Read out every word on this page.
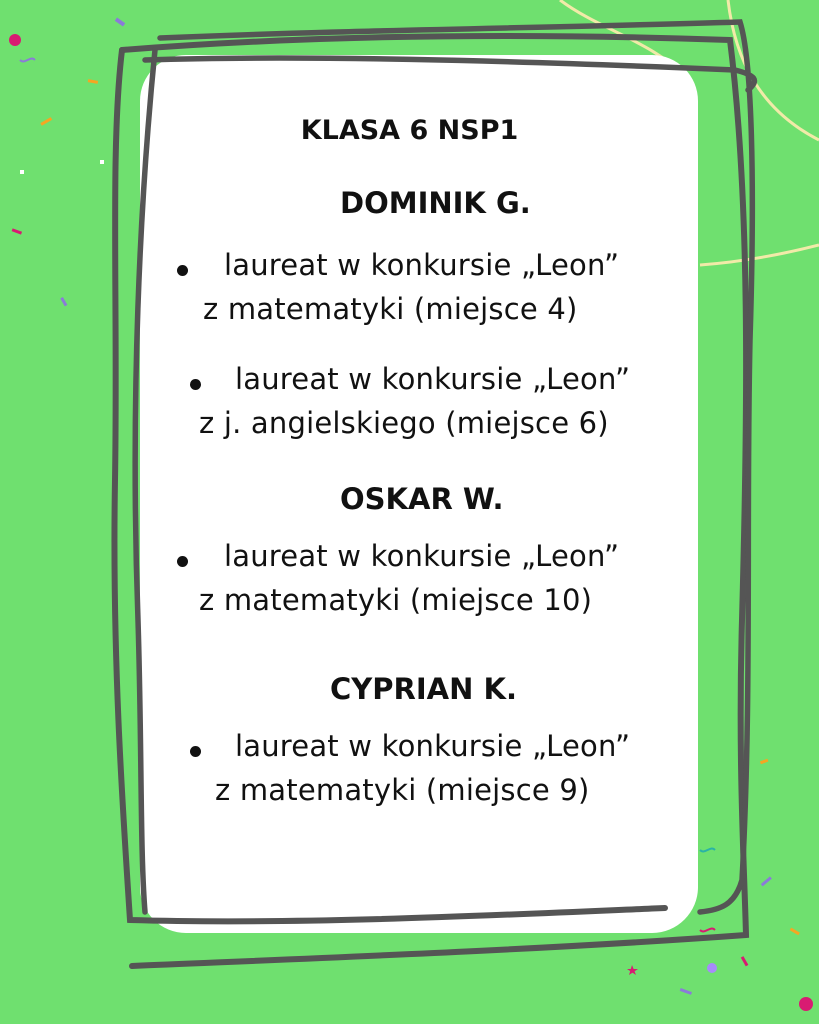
KLASA 6 NSP1
DOMINIK G.
laureat w konkursie „Leon”
z matematyki (miejsce 4)
laureat w konkursie „Leon”
z j. angielskiego (miejsce 6)
OSKAR W.
laureat w konkursie „Leon”
z matematyki (miejsce 10)
CYPRIAN K.
laureat w konkursie „Leon”
z matematyki (miejsce 9)
